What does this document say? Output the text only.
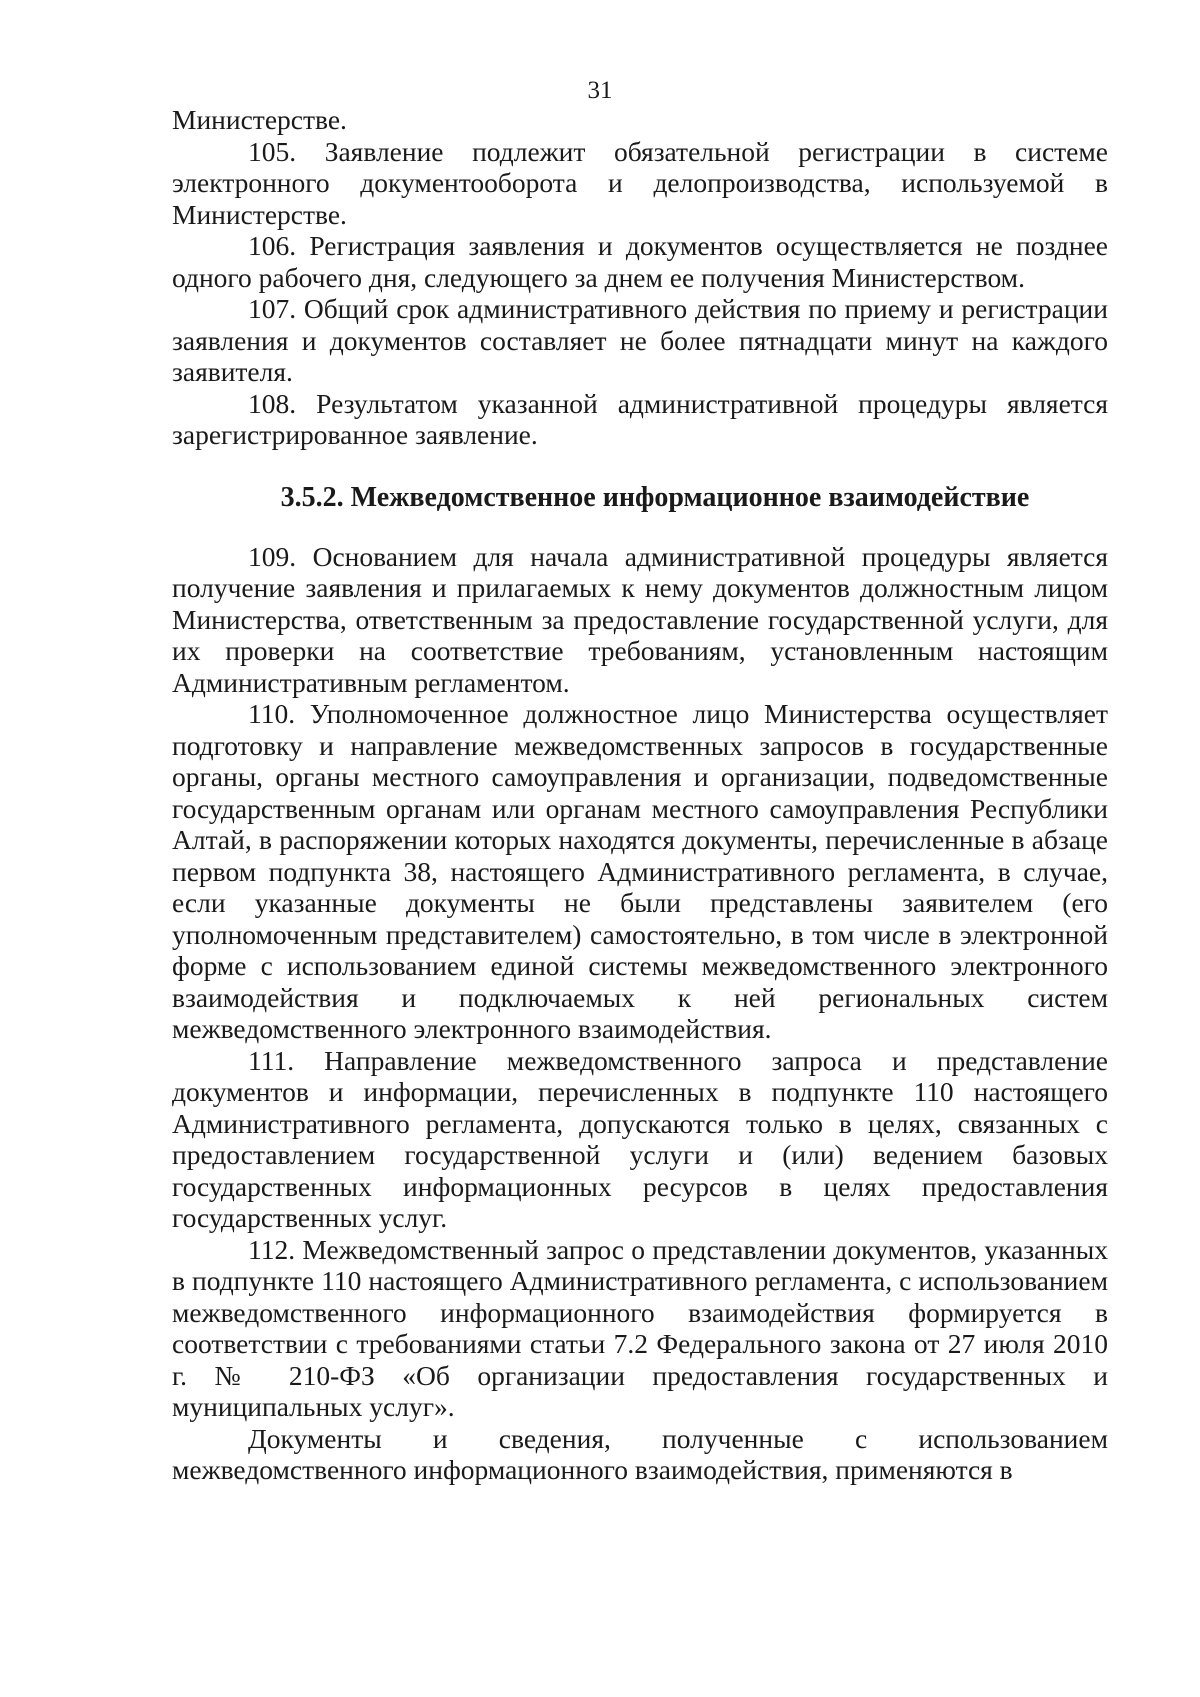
31

Министерстве.

105. Заявление подлежит обязательной регистрации в системе электронного документооборота и делопроизводства, используемой в Министерстве.

106. Регистрация заявления и документов осуществляется не позднее одного рабочего дня, следующего за днем ее получения Министерством.

107. Общий срок административного действия по приему и регистрации заявления и документов составляет не более пятнадцати минут на каждого заявителя.

108. Результатом указанной административной процедуры является зарегистрированное заявление.

3.5.2. Межведомственное информационное взаимодействие

109. Основанием для начала административной процедуры является получение заявления и прилагаемых к нему документов должностным лицом Министерства, ответственным за предоставление государственной услуги, для их проверки на соответствие требованиям, установленным настоящим Административным регламентом.

110. Уполномоченное должностное лицо Министерства осуществляет подготовку и направление межведомственных запросов в государственные органы, органы местного самоуправления и организации, подведомственные государственным органам или органам местного самоуправления Республики Алтай, в распоряжении которых находятся документы, перечисленные в абзаце первом подпункта 38, настоящего Административного регламента, в случае, если указанные документы не были представлены заявителем (его уполномоченным представителем) самостоятельно, в том числе в электронной форме с использованием единой системы межведомственного электронного взаимодействия и подключаемых к ней региональных систем межведомственного электронного взаимодействия.

111. Направление межведомственного запроса и представление документов и информации, перечисленных в подпункте 110 настоящего Административного регламента, допускаются только в целях, связанных с предоставлением государственной услуги и (или) ведением базовых государственных информационных ресурсов в целях предоставления государственных услуг.

112. Межведомственный запрос о представлении документов, указанных в подпункте 110 настоящего Административного регламента, с использованием межведомственного информационного взаимодействия формируется в соответствии с требованиями статьи 7.2 Федерального закона от 27 июля 2010 г. № 210-ФЗ «Об организации предоставления государственных и муниципальных услуг».

Документы и сведения, полученные с использованием межведомственного информационного взаимодействия, применяются в
